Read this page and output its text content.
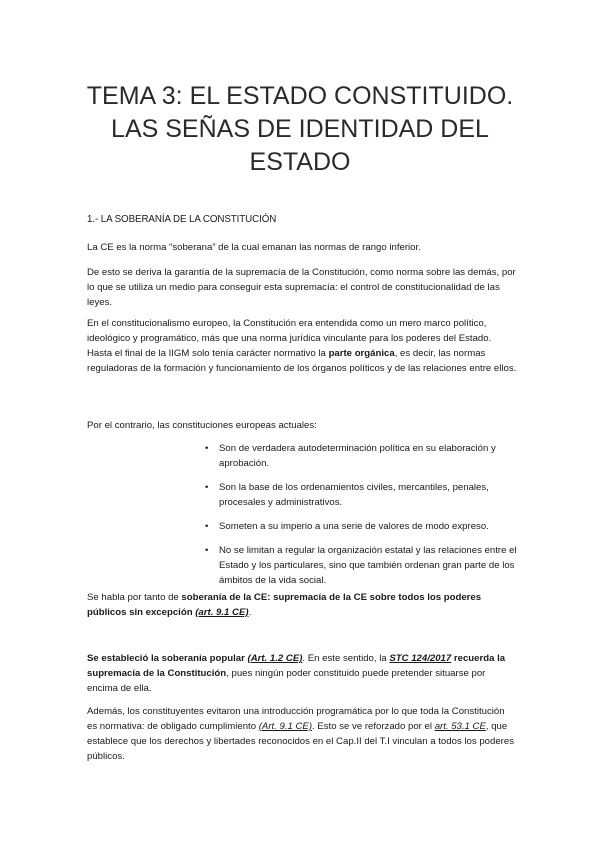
TEMA 3: EL ESTADO CONSTITUIDO.
LAS SEÑAS DE IDENTIDAD DEL
ESTADO
1.- LA SOBERANÍA DE LA CONSTITUCIÓN
La CE es la norma “soberana” de la cual emanan las normas de rango inferior.
De esto se deriva la garantía de la supremacía de la Constitución, como norma sobre las demás, por lo que se utiliza un medio para conseguir esta supremacía: el control de constitucionalidad de las leyes.
En el constitucionalismo europeo, la Constitución era entendida como un mero marco político, ideológico y programático, más que una norma jurídica vinculante para los poderes del Estado. Hasta el final de la IIGM solo tenía carácter normativo la parte orgánica, es decir, las normas reguladoras de la formación y funcionamiento de los órganos políticos y de las relaciones entre ellos.
Por el contrario, las constituciones europeas actuales:
• Son de verdadera autodeterminación política en su elaboración y aprobación.
• Son la base de los ordenamientos civiles, mercantiles, penales, procesales y administrativos.
• Someten a su imperio a una serie de valores de modo expreso.
• No se limitan a regular la organización estatal y las relaciones entre el Estado y los particulares, sino que también ordenan gran parte de los ámbitos de la vida social.
Se habla por tanto de soberanía de la CE: supremacía de la CE sobre todos los poderes públicos sin excepción (art. 9.1 CE).
Se estableció la soberanía popular (Art. 1.2 CE). En este sentido, la STC 124/2017 recuerda la supremacía de la Constitución, pues ningún poder constituido puede pretender situarse por encima de ella.
Además, los constituyentes evitaron una introducción programática por lo que toda la Constitución es normativa: de obligado cumplimiento (Art. 9.1 CE). Esto se ve reforzado por el art. 53.1 CE, que establece que los derechos y libertades reconocidos en el Cap.II del T.I vinculan a todos los poderes públicos.
